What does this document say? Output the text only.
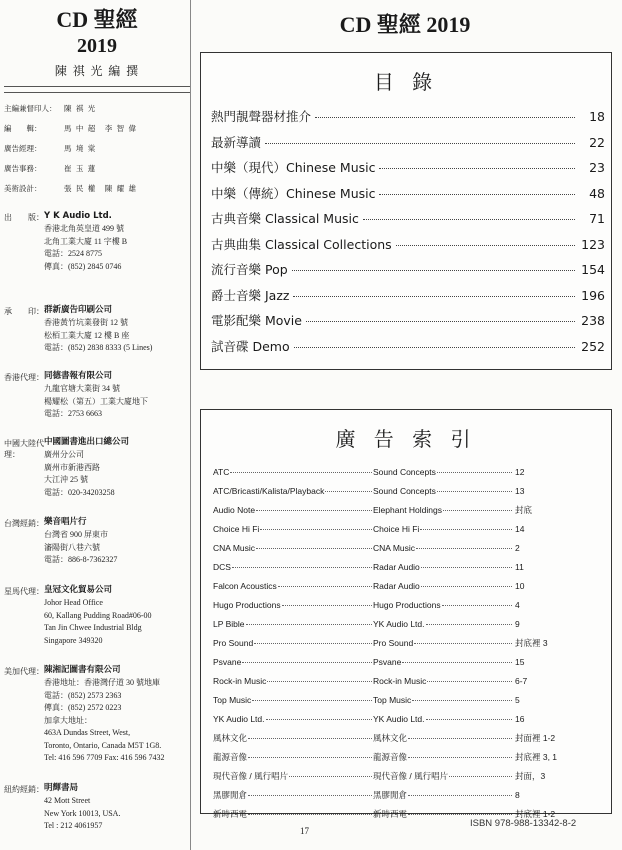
CD 聖經
2019
陳 祺 光 編 撰
主編兼督印人：	陳 祺 光
編　　輯：	馬 中 超　李 智 偉
廣告經理：	馬 境 棠
廣告事務：	崔 玉 蓮
美術設計：	張 民 權　陳 耀 雄
出　　版： Y K Audio Ltd.
香港北角英皇道 499 號
北角工業大廈 11 字樓 B
電話：2524 8775
傳真：(852) 2845 0746
承　　印： 群新廣告印刷公司
香港黃竹坑業發街 12 號
松栢工業大廈 12 樓 B 座
電話：(852) 2838 8333 (5 Lines)
香港代理： 同德書報有限公司
九龍官塘大業街 34 號
楊耀松（第五）工業大廈地下
電話：2753 6663
中國大陸代理：
中國圖書進出口總公司
廣州分公司
廣州市新港西路
大江沖 25 號
電話：020-34203258
台灣經銷： 樂音唱片行
台灣省 900 屏東市
瀋陽街八巷六號
電話：886-8-7362327
星馬代理： 皇冠文化貿易公司
Johor Head Office
60, Kallang Pudding Road#06-00
Tan Jin Chwee Industrial Bldg
Singapore 349320
美加代理： 陳湘記圖書有限公司
香港地址：香港灣仔道 30 號地庫
電話：(852) 2573 2363
傳真：(852) 2572 0223
加拿大地址：
463A Dundas Street, West,
Toronto, Ontario, Canada M5T 1G8.
Tel: 416 596 7709 Fax: 416 596 7432
紐約經銷： 明輝書局
42 Mott Street
New York 10013, USA.
Tel : 212 4061957
CD 聖經 2019
目 錄
熱門靚聲器材推介	18
最新導讀	22
中樂（現代）Chinese Music	23
中樂（傳統）Chinese Music	48
古典音樂 Classical Music	71
古典曲集 Classical Collections	123
流行音樂 Pop	154
爵士音樂 Jazz	196
電影配樂 Movie	238
試音碟 Demo	252
廣 告 索 引
ATC	Sound Concepts	12
ATC/Bricasti/Kalista/Playback	Sound Concepts	13
Audio Note	Elephant Holdings	封底
Choice Hi Fi	Choice Hi Fi	14
CNA Music	CNA Music	2
DCS	Radar Audio	11
Falcon Acoustics	Radar Audio	10
Hugo Productions	Hugo Productions	4
LP Bible	YK Audio Ltd.	9
Pro Sound	Pro Sound	封底裡 3
Psvane	Psvane	15
Rock-in Music	Rock-in Music	6-7
Top Music	Top Music	5
YK Audio Ltd.	YK Audio Ltd.	16
風林文化	風林文化	封面裡 1-2
龍源音像	龍源音像	封底裡 3, 1
現代音像 / 風行唱片	現代音像 / 風行唱片	封面，3
黑膠閒倉	黑膠閒倉	8
新時西電	新時西電	封底裡 1-2
17
ISBN 978-988-13342-8-2
